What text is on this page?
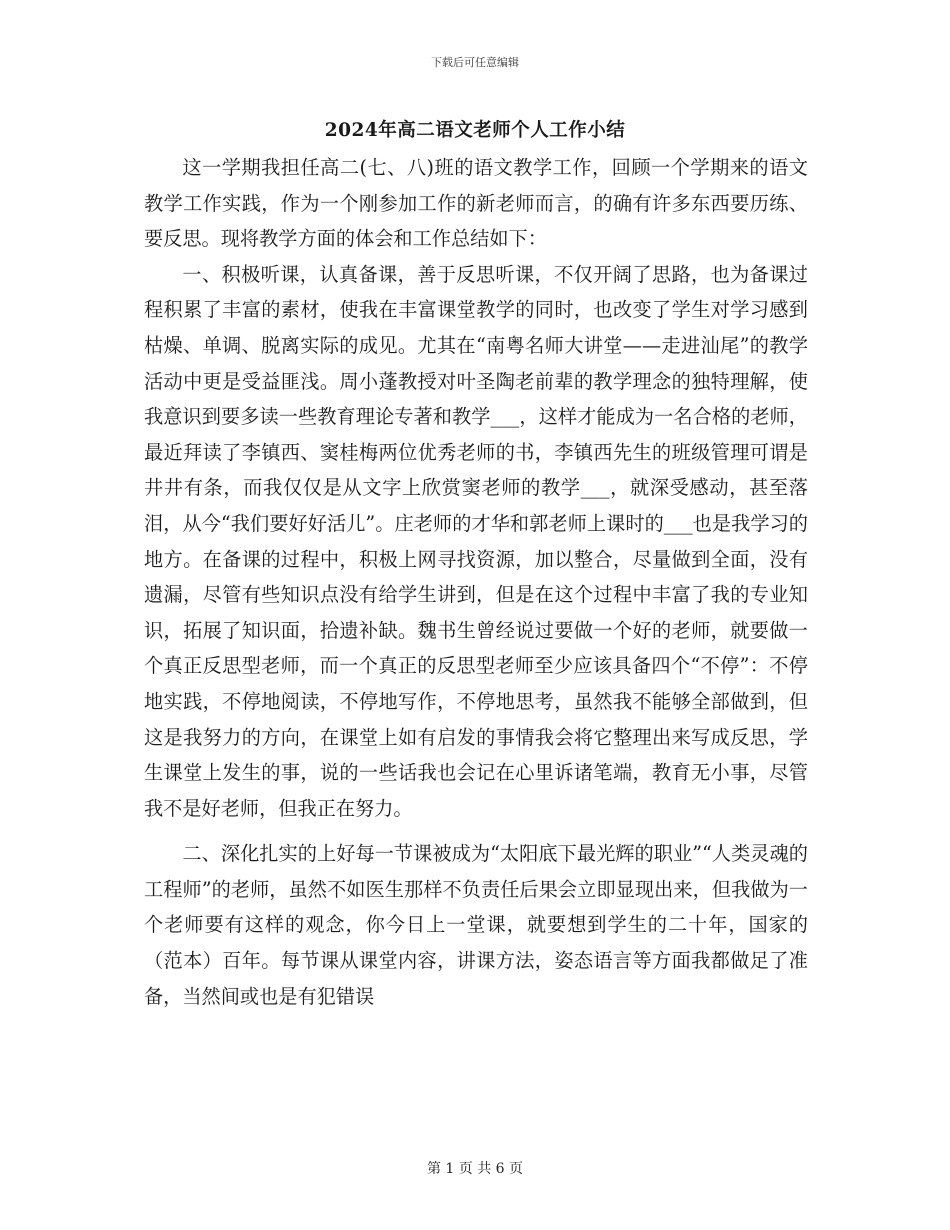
下载后可任意编辑
2024年高二语文老师个人工作小结

这一学期我担任高二(七、八)班的语文教学工作，回顾一个学期来的语文教学工作实践，作为一个刚参加工作的新老师而言，的确有许多东西要历练、要反思。现将教学方面的体会和工作总结如下：

一、积极听课，认真备课，善于反思听课，不仅开阔了思路，也为备课过程积累了丰富的素材，使我在丰富课堂教学的同时，也改变了学生对学习感到枯燥、单调、脱离实际的成见。尤其在“南粤名师大讲堂——走进汕尾”的教学活动中更是受益匪浅。周小蓬教授对叶圣陶老前辈的教学理念的独特理解，使我意识到要多读一些教育理论专著和教学___，这样才能成为一名合格的老师，最近拜读了李镇西、窦桂梅两位优秀老师的书，李镇西先生的班级管理可谓是井井有条，而我仅仅是从文字上欣赏窦老师的教学___，就深受感动，甚至落泪，从今“我们要好好活儿”。庄老师的才华和郭老师上课时的___也是我学习的地方。在备课的过程中，积极上网寻找资源，加以整合，尽量做到全面，没有遗漏，尽管有些知识点没有给学生讲到，但是在这个过程中丰富了我的专业知识，拓展了知识面，拾遗补缺。魏书生曾经说过要做一个好的老师，就要做一个真正反思型老师，而一个真正的反思型老师至少应该具备四个“不停”：不停地实践，不停地阅读，不停地写作，不停地思考，虽然我不能够全部做到，但这是我努力的方向，在课堂上如有启发的事情我会将它整理出来写成反思，学生课堂上发生的事，说的一些话我也会记在心里诉诸笔端，教育无小事，尽管我不是好老师，但我正在努力。

二、深化扎实的上好每一节课被成为“太阳底下最光辉的职业”“人类灵魂的工程师”的老师，虽然不如医生那样不负责任后果会立即显现出来，但我做为一个老师要有这样的观念，你今日上一堂课，就要想到学生的二十年，国家的（范本）百年。每节课从课堂内容，讲课方法，姿态语言等方面我都做足了准备，当然间或也是有犯错误

第 1 页 共 6 页
